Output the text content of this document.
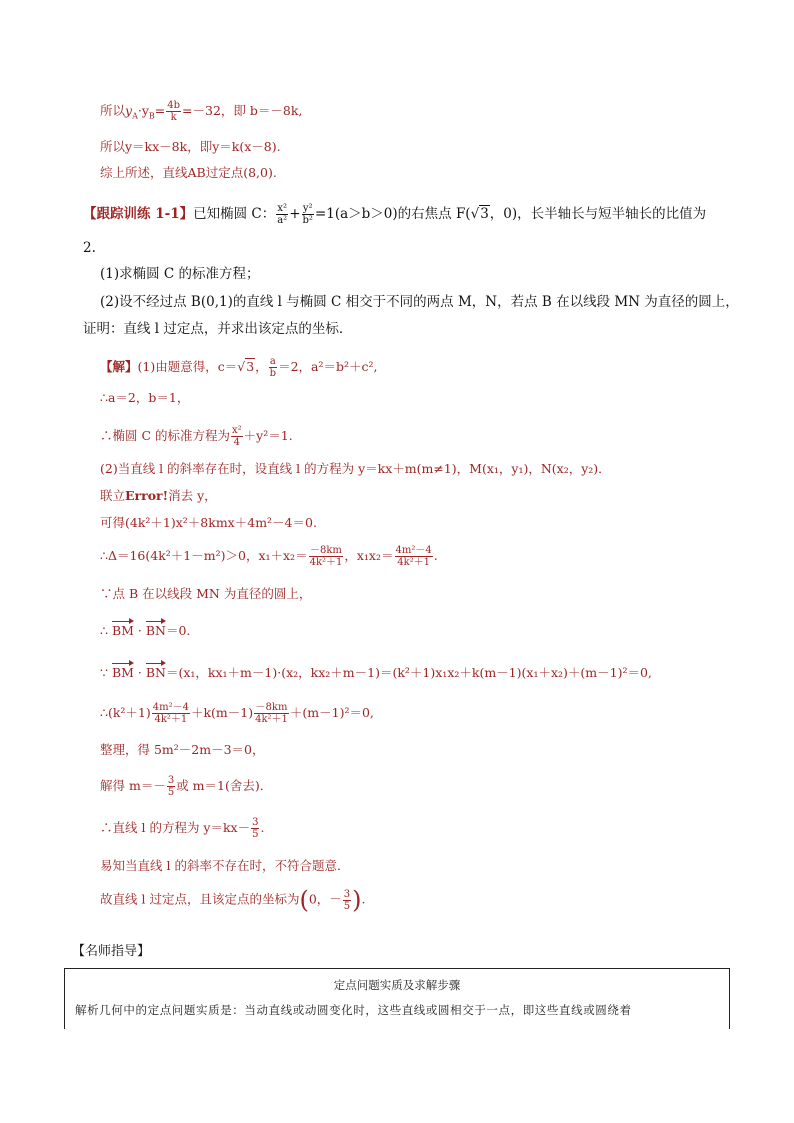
所以$y_A\cdot y_B= \frac{4b}{k} =-32$，即 b＝－8k,
所以y＝kx－8k，即y＝k(x－8).
综上所述，直线AB过定点(8,0).
【跟踪训练 1-1】已知椭圆 C： $\frac{\text{x²}}{\text{a²}} + \frac{\text{y²}}{\text{b²}} =1(a>b>0)$的右焦点 F(√3，0)，长半轴长与短半轴长的比值为
2.
(1)求椭圆 C 的标准方程；
(2)设不经过点 B(0,1)的直线 l 与椭圆 C 相交于不同的两点 M，N，若点 B 在以线段 MN 为直径的圆上，
证明：直线 l 过定点，并求出该定点的坐标．
【解】(1)由题意得，c＝√3， $\frac{a}{b} =2$，a²＝b²＋c²,
∴a＝2，b＝1，
∴椭圆 C 的标准方程为 $\frac{\text{x²}}{4} +y^2=1$.
(2)当直线 l 的斜率存在时，设直线 l 的方程为 y＝kx＋m(m≠1)，M(x₁，y₁)，N(x₂，y₂)．
联立Error!消去 y，
可得(4k²＋1)x²＋8kmx＋4m²－4＝0.
∴Δ＝16(4k²＋1－m²)＞0，$x_1+x_2= \frac{-8km}{\text{4k²＋1}}$ ，$x_1x_2= \frac{\text{4m²－4}}{\text{4k²＋1}}$ .
∵点 B 在以线段 MN 为直径的圆上，
∴ BM · BN＝0.
∵ BM · BN＝(x₁，kx₁＋m－1)·(x₂，kx₂＋m－1)＝(k²＋1)x₁x₂＋k(m－1)(x₁＋x₂)＋(m－1)²＝0,
∴(k²＋1) $\frac{\text{4m²－4}}{\text{4k²＋1}} +k(m-1) \frac{-8km}{\text{4k²＋1}} +(m-1)^2=0$,
整理，得 5m²－2m－3＝0，
解得 $m=- \frac{3}{5}$ 或 m＝1(舍去)．
∴直线 l 的方程为 $y=kx- \frac{3}{5}$ .
易知当直线 l 的斜率不存在时，不符合题意．
故直线 l 过定点，且该定点的坐标为(0，－ $\frac{3}{5}$ ).
【名师指导】
定点问题实质及求解步骤
解析几何中的定点问题实质是：当动直线或动圆变化时，这些直线或圆相交于一点，即这些直线或圆绕着
